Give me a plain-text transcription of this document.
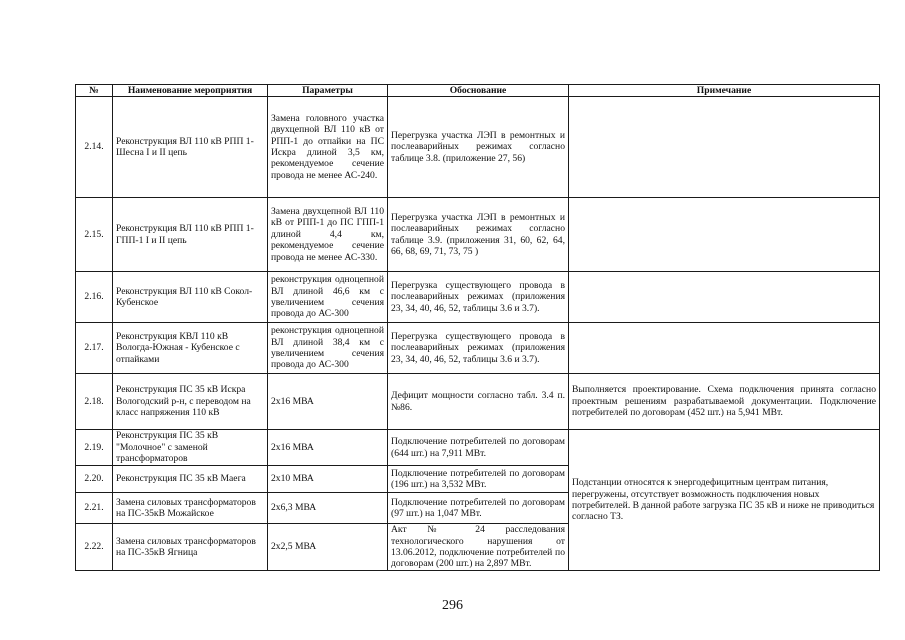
№	Наименование мероприятия	Параметры	Обоснование	Примечание	
2.14.	Реконструкция ВЛ 110 кВ РПП 1-Шесна I и II цепь	Замена головного участка двухцепной ВЛ 110 кВ от РПП-1 до отпайки на ПС Искра длиной 3,5 км, рекомендуемое сечение провода не менее АС-240.	Перегрузка участка ЛЭП в ремонтных и послеаварийных режимах согласно таблице 3.8. (приложение 27, 56)		
2.15.	Реконструкция ВЛ 110 кВ РПП 1-ГПП-1 I и II цепь	Замена двухцепной ВЛ 110 кВ от РПП-1 до ПС ГПП-1 длиной 4,4 км, рекомендуемое сечение провода не менее АС-330.	Перегрузка участка ЛЭП в ремонтных и послеаварийных режимах согласно таблице 3.9. (приложения 31, 60, 62, 64, 66, 68, 69, 71, 73, 75 )		
2.16.	Реконструкция ВЛ 110 кВ Сокол-Кубенское	реконструкция одноцепной ВЛ длиной 46,6 км с увеличением сечения провода до АС-300	Перегрузка существующего провода в послеаварийных режимах (приложения 23, 34, 40, 46, 52, таблицы 3.6 и 3.7).		
2.17.	Реконструкция КВЛ 110 кВ Вологда-Южная - Кубенское с отпайками	реконструкция одноцепной ВЛ длиной 38,4 км с увеличением сечения провода до АС-300	Перегрузка существующего провода в послеаварийных режимах (приложения 23, 34, 40, 46, 52, таблицы 3.6 и 3.7).		
2.18.	Реконструкция ПС 35 кВ Искра Вологодский р-н, с переводом на класс напряжения 110 кВ	2x16 МВА	Дефицит мощности согласно табл. 3.4 п. №86.	Выполняется проектирование. Схема подключения принята согласно проектным решениям разрабатываемой документации. Подключение потребителей по договорам (452 шт.) на 5,941 МВт.	
2.19.	Реконструкция ПС 35 кВ "Молочное" с заменой трансформаторов	2x16 МВА	Подключение потребителей по договорам (644 шт.) на 7,911 МВт.	Подстанции относятся к энергодефицитным центрам питания, перегружены, отсутствует возможность подключения новых потребителей. В данной работе загрузка ПС 35 кВ и ниже не приводиться согласно ТЗ.	
2.20.	Реконструкция ПС 35 кВ Маега	2x10 МВА	Подключение потребителей по договорам (196 шт.) на 3,532 МВт.		
2.21.	Замена силовых трансформаторов на ПС-35кВ Можайское	2x6,3 МВА	Подключение потребителей по договорам (97 шт.) на 1,047 МВт.		
2.22.	Замена силовых трансформаторов на ПС-35кВ Ягница	2x2,5 МВА	Акт № 24 расследования технологического нарушения от 13.06.2012, подключение потребителей по договорам (200 шт.) на 2,897 МВт.		
296
